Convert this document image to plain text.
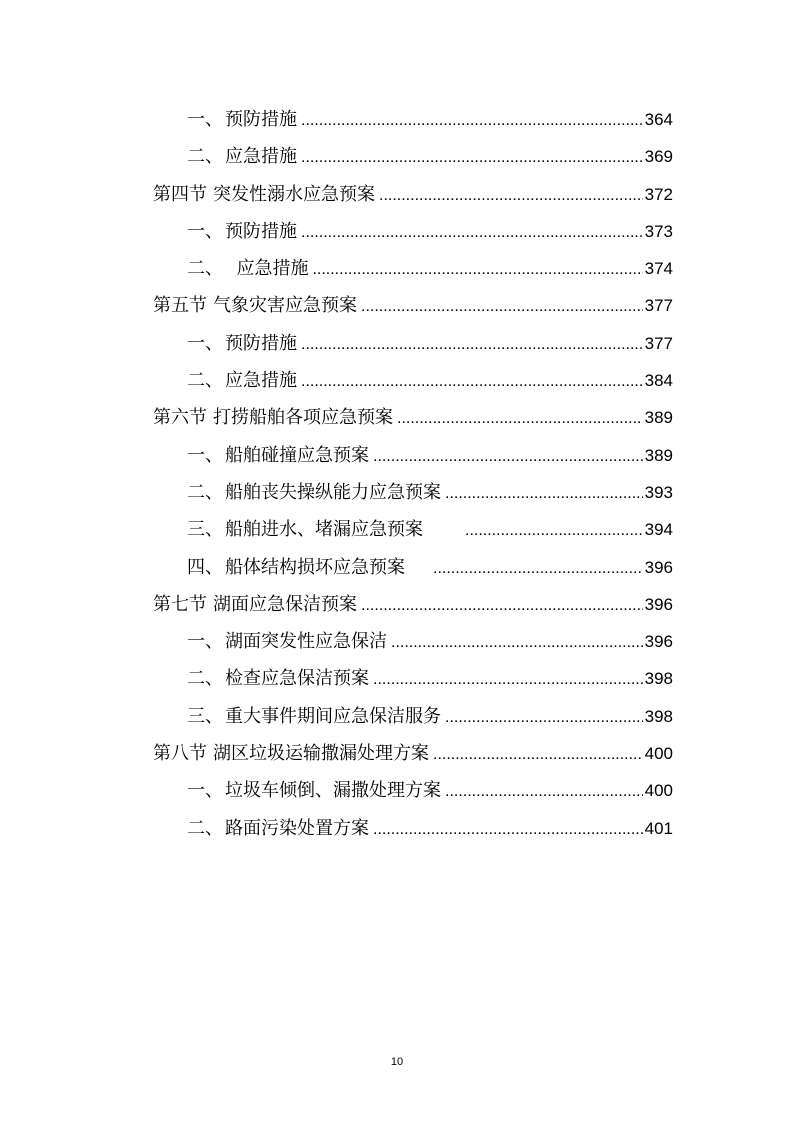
一、 预防措施 .....	364
二、 应急措施 .....	369
第四节 突发性溺水应急预案 .....	372
一、 预防措施 .....	373
二、 应急措施 .....	374
第五节 气象灾害应急预案 .....	377
一、 预防措施 .....	377
二、 应急措施 .....	384
第六节 打捞船舶各项应急预案 .....	389
一、 船舶碰撞应急预案 .....	389
二、 船舶丧失操纵能力应急预案 .....	393
三、 船舶进水、堵漏应急预案 .....	394
四、 船体结构损坏应急预案 .....	396
第七节 湖面应急保洁预案 .....	396
一、 湖面突发性应急保洁 .....	396
二、 检查应急保洁预案 .....	398
三、 重大事件期间应急保洁服务 .....	398
第八节 湖区垃圾运输撒漏处理方案 .....	400
一、 垃圾车倾倒、漏撒处理方案 .....	400
二、 路面污染处置方案 .....	401
10
